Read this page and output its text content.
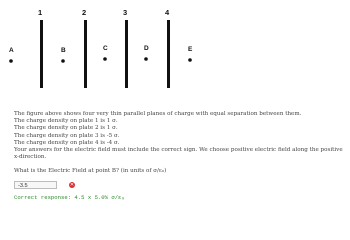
1	2	3	4
A	B	C	D	E

The figure above shows four very thin parallel planes of charge with equal separation between them.

The charge density on plate 1 is 1 σ.

The charge density on plate 2 is 1 σ.

The charge density on plate 3 is -5 σ.

The charge density on plate 4 is -4 σ.

Your answers for the electric field must include the correct sign. We choose positive electric field along the positive x-direction.

What is the Electric Field at point B? (in units of σ/ε₀)
-3.5	✕
Correct response: 4.5 x 5.0% σ/ε₀
